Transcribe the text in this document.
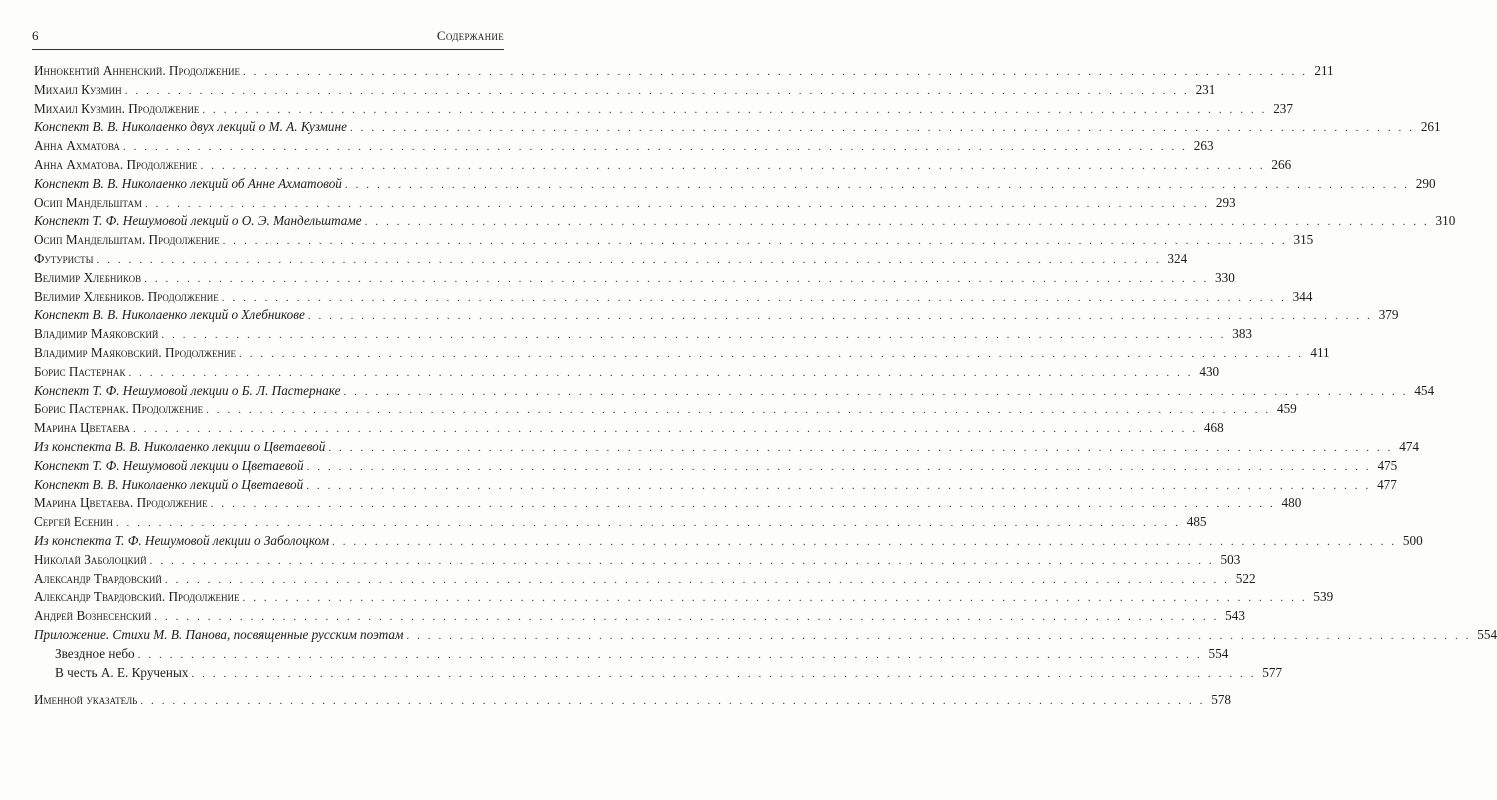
6	Содержание
Иннокентий Анненский. Продолжение . . .	211
Михаил Кузмин . . .	231
Михаил Кузмин. Продолжение . . .	237
Конспект В. В. Николаенко двух лекций о М. А. Кузмине . . .	261
Анна Ахматова . . .	263
Анна Ахматова. Продолжение . . .	266
Конспект В. В. Николаенко лекций об Анне Ахматовой . . .	290
Осип Мандельштам . . .	293
Конспект Т. Ф. Нешумовой лекций о О. Э. Мандельштаме . . .	310
Осип Мандельштам. Продолжение . . .	315
Футуристы . . .	324
Велимир Хлебников . . .	330
Велимир Хлебников. Продолжение . . .	344
Конспект В. В. Николаенко лекций о Хлебникове . . .	379
Владимир Маяковский . . .	383
Владимир Маяковский. Продолжение . . .	411
Борис Пастернак . . .	430
Конспект Т. Ф. Нешумовой лекции о Б. Л. Пастернаке . . .	454
Борис Пастернак. Продолжение . . .	459
Марина Цветаева . . .	468
Из конспекта В. В. Николаенко лекции о Цветаевой . . .	474
Конспект Т. Ф. Нешумовой лекции о Цветаевой . . .	475
Конспект В. В. Николаенко лекций о Цветаевой . . .	477
Марина Цветаева. Продолжение . . .	480
Сергей Есенин . . .	485
Из конспекта Т. Ф. Нешумовой лекции о Заболоцком . . .	500
Николай Заболоцкий . . .	503
Александр Твардовский . . .	522
Александр Твардовский. Продолжение . . .	539
Андрей Вознесенский . . .	543
Приложение. Стихи М. В. Панова, посвященные русским поэтам . . .	554
Звездное небо . . .	554
В честь А. Е. Крученых . . .	577
Именной указатель . . .	578
